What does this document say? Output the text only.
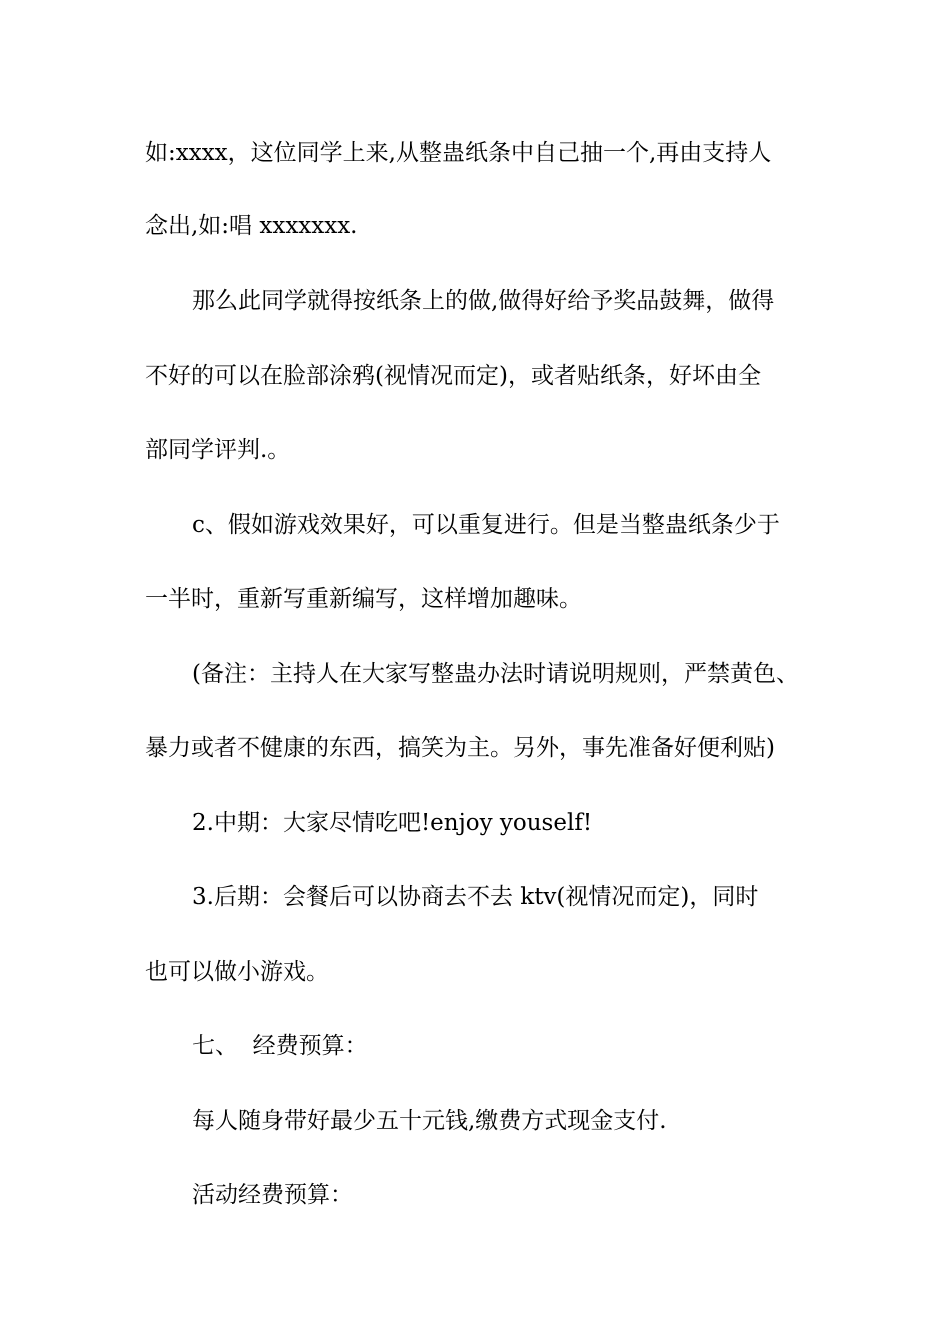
如:xxxx，这位同学上来,从整蛊纸条中自己抽一个,再由支持人
念出,如:唱 xxxxxxx.
那么此同学就得按纸条上的做,做得好给予奖品鼓舞，做得
不好的可以在脸部涂鸦(视情况而定)，或者贴纸条，好坏由全
部同学评判.。
c、假如游戏效果好，可以重复进行。但是当整蛊纸条少于
一半时，重新写重新编写，这样增加趣味。
(备注：主持人在大家写整蛊办法时请说明规则，严禁黄色、
暴力或者不健康的东西，搞笑为主。另外，事先准备好便利贴)
2.中期：大家尽情吃吧!enjoy youself!
3.后期：会餐后可以协商去不去 ktv(视情况而定)，同时
也可以做小游戏。
七、  经费预算：
每人随身带好最少五十元钱,缴费方式现金支付.
活动经费预算：
